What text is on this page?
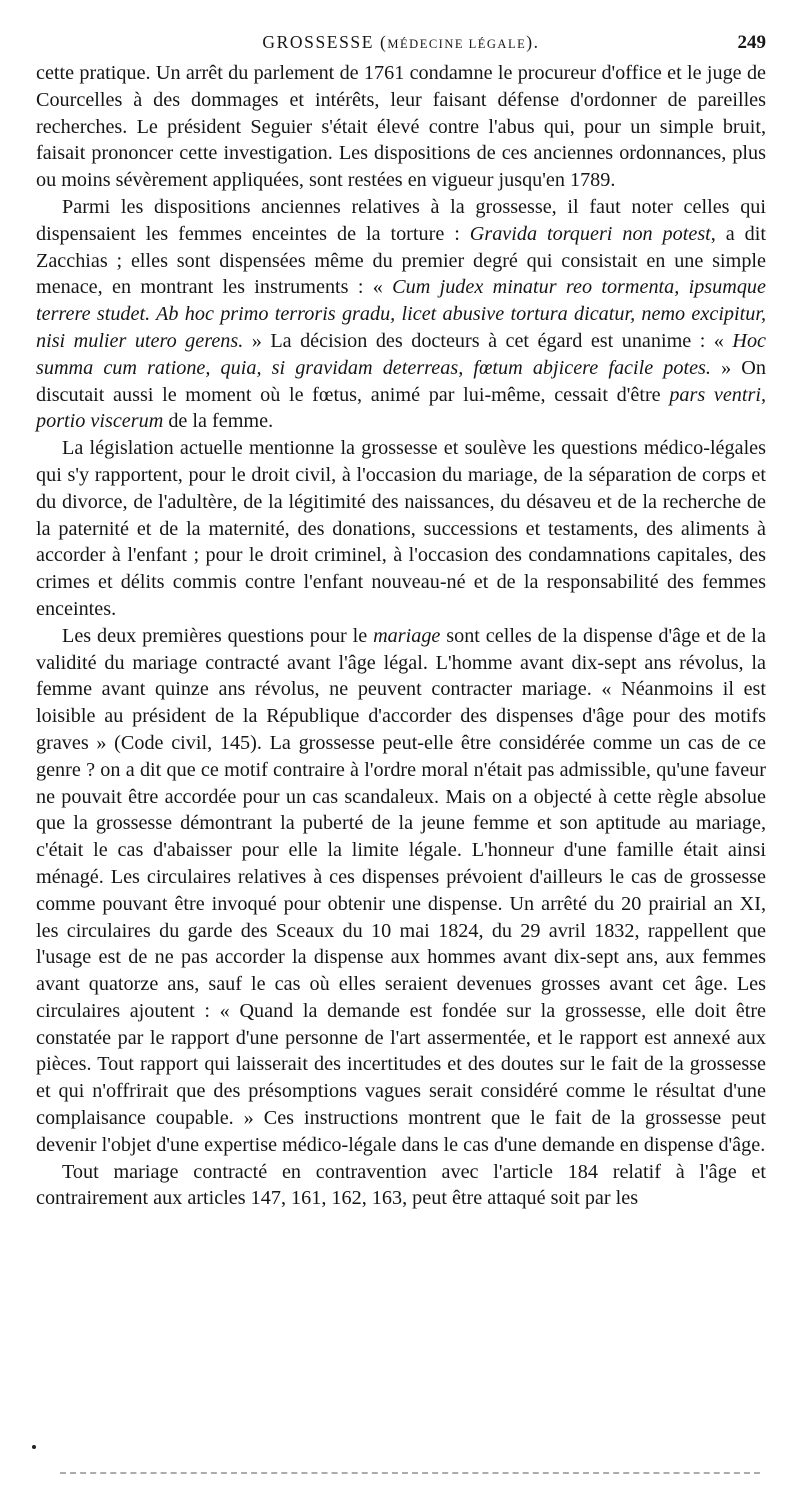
GROSSESSE (MÉDECINE LÉGALE).	249

cette pratique. Un arrêt du parlement de 1761 condamne le procureur d'office et le juge de Courcelles à des dommages et intérêts, leur faisant défense d'ordonner de pareilles recherches. Le président Seguier s'était élevé contre l'abus qui, pour un simple bruit, faisait prononcer cette investigation. Les dispositions de ces anciennes ordonnances, plus ou moins sévèrement appliquées, sont restées en vigueur jusqu'en 1789.

Parmi les dispositions anciennes relatives à la grossesse, il faut noter celles qui dispensaient les femmes enceintes de la torture : Gravida torqueri non potest, a dit Zacchias ; elles sont dispensées même du premier degré qui consistait en une simple menace, en montrant les instruments : « Cum judex minatur reo tormenta, ipsumque terrere studet. Ab hoc primo terroris gradu, licet abusive tortura dicatur, nemo excipitur, nisi mulier utero gerens. » La décision des docteurs à cet égard est unanime : « Hoc summa cum ratione, quia, si gravidam deterreas, fœtum abjicere facile potes. » On discutait aussi le moment où le fœtus, animé par lui-même, cessait d'être pars ventri, portio viscerum de la femme.

La législation actuelle mentionne la grossesse et soulève les questions médico-légales qui s'y rapportent, pour le droit civil, à l'occasion du mariage, de la séparation de corps et du divorce, de l'adultère, de la légitimité des naissances, du désaveu et de la recherche de la paternité et de la maternité, des donations, successions et testaments, des aliments à accorder à l'enfant ; pour le droit criminel, à l'occasion des condamnations capitales, des crimes et délits commis contre l'enfant nouveau-né et de la responsabilité des femmes enceintes.

Les deux premières questions pour le mariage sont celles de la dispense d'âge et de la validité du mariage contracté avant l'âge légal. L'homme avant dix-sept ans révolus, la femme avant quinze ans révolus, ne peuvent contracter mariage. « Néanmoins il est loisible au président de la République d'accorder des dispenses d'âge pour des motifs graves » (Code civil, 145). La grossesse peut-elle être considérée comme un cas de ce genre ? on a dit que ce motif contraire à l'ordre moral n'était pas admissible, qu'une faveur ne pouvait être accordée pour un cas scandaleux. Mais on a objecté à cette règle absolue que la grossesse démontrant la puberté de la jeune femme et son aptitude au mariage, c'était le cas d'abaisser pour elle la limite légale. L'honneur d'une famille était ainsi ménagé. Les circulaires relatives à ces dispenses prévoient d'ailleurs le cas de grossesse comme pouvant être invoqué pour obtenir une dispense. Un arrêté du 20 prairial an XI, les circulaires du garde des Sceaux du 10 mai 1824, du 29 avril 1832, rappellent que l'usage est de ne pas accorder la dispense aux hommes avant dix-sept ans, aux femmes avant quatorze ans, sauf le cas où elles seraient devenues grosses avant cet âge. Les circulaires ajoutent : « Quand la demande est fondée sur la grossesse, elle doit être constatée par le rapport d'une personne de l'art assermentée, et le rapport est annexé aux pièces. Tout rapport qui laisserait des incertitudes et des doutes sur le fait de la grossesse et qui n'offrirait que des présomptions vagues serait considéré comme le résultat d'une complaisance coupable. » Ces instructions montrent que le fait de la grossesse peut devenir l'objet d'une expertise médico-légale dans le cas d'une demande en dispense d'âge.

Tout mariage contracté en contravention avec l'article 184 relatif à l'âge et contrairement aux articles 147, 161, 162, 163, peut être attaqué soit par les
